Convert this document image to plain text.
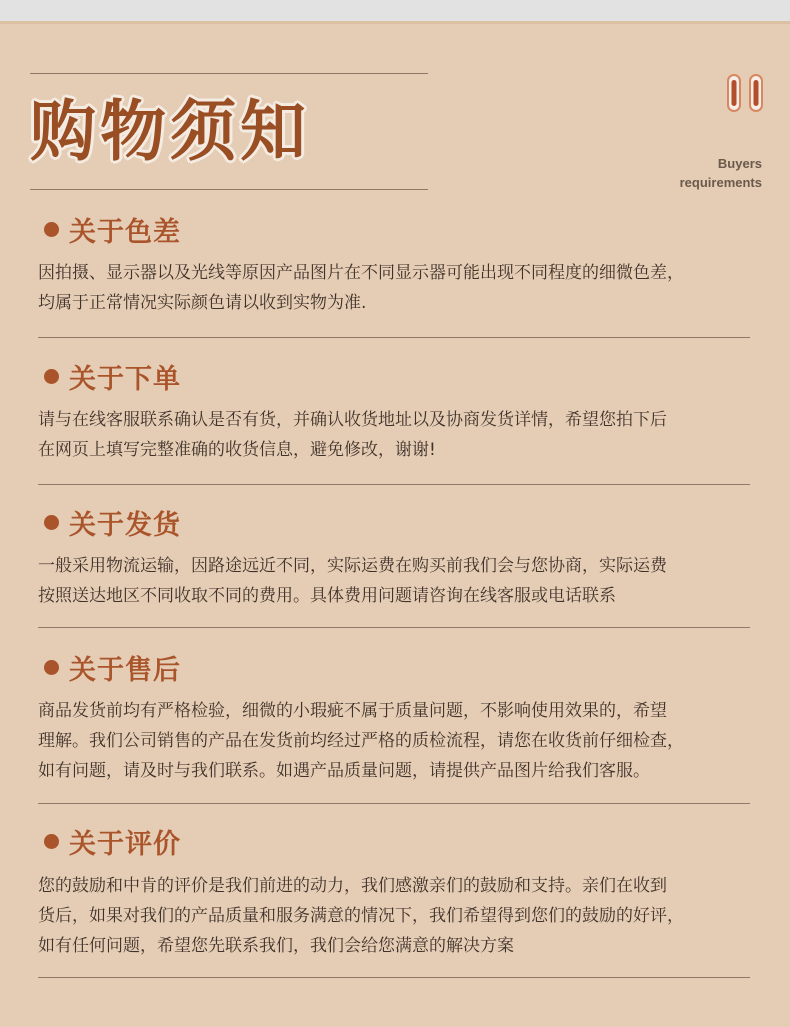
购物须知	Buyers
requirements
关于色差
因拍摄、显示器以及光线等原因产品图片在不同显示器可能出现不同程度的细微色差，
均属于正常情况实际颜色请以收到实物为准.
关于下单
请与在线客服联系确认是否有货，并确认收货地址以及协商发货详情，希望您拍下后
在网页上填写完整准确的收货信息，避免修改，谢谢!
关于发货
一般采用物流运输，因路途远近不同，实际运费在购买前我们会与您协商，实际运费
按照送达地区不同收取不同的费用。具体费用问题请咨询在线客服或电话联系
关于售后
商品发货前均有严格检验，细微的小瑕疵不属于质量问题，不影响使用效果的，希望
理解。我们公司销售的产品在发货前均经过严格的质检流程，请您在收货前仔细检查，
如有问题，请及时与我们联系。如遇产品质量问题，请提供产品图片给我们客服。
关于评价
您的鼓励和中肯的评价是我们前进的动力，我们感激亲们的鼓励和支持。亲们在收到
货后，如果对我们的产品质量和服务满意的情况下，我们希望得到您们的鼓励的好评，
如有任何问题，希望您先联系我们，我们会给您满意的解决方案
